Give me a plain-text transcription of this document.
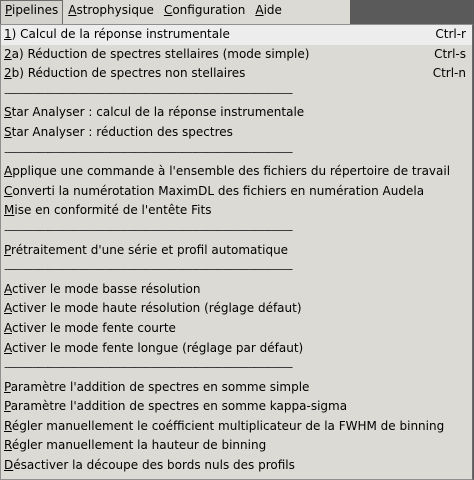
Pipelines Astrophysique Configuration Aide
1) Calcul de la réponse instrumentale	Ctrl-r
2a) Réduction de spectres stellaires (mode simple)	Ctrl-s
2b) Réduction de spectres non stellaires	Ctrl-n
--------------------------------------------------------------------------------------------
Star Analyser : calcul de la réponse instrumentale
Star Analyser : réduction des spectres
--------------------------------------------------------------------------------------------
Applique une commande à l'ensemble des fichiers du répertoire de travail
Converti la numérotation MaximDL des fichiers en numération Audela
Mise en conformité de l'entête Fits
--------------------------------------------------------------------------------------------
Prétraitement d'une série et profil automatique
--------------------------------------------------------------------------------------------
Activer le mode basse résolution
Activer le mode haute résolution (réglage défaut)
Activer le mode fente courte
Activer le mode fente longue (réglage par défaut)
--------------------------------------------------------------------------------------------
Paramètre l'addition de spectres en somme simple
Paramètre l'addition de spectres en somme kappa-sigma
Régler manuellement le coéfficient multiplicateur de la FWHM de binning
Régler manuellement la hauteur de binning
Désactiver la découpe des bords nuls des profils
